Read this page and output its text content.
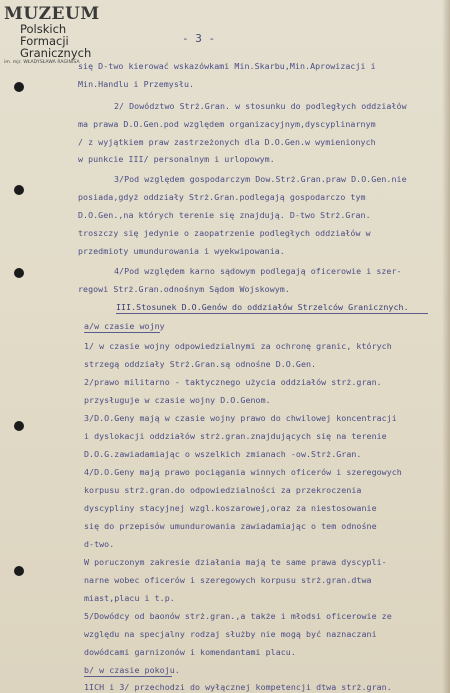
MUZEUM
Polskich
Formacji
Granicznych
im. mjr. WŁADYSŁAWA RAGINISA
- 3 -
się D-two kierować wskazówkami Min.Skarbu,Min.Aprowizacji i
Min.Handlu i Przemysłu.
2/ Dowództwo Strż.Gran. w stosunku do podległych oddziałów
ma prawa D.O.Gen.pod względem organizacyjnym,dyscyplinarnym
/ z wyjątkiem praw zastrzeżonych dla D.O.Gen.w wymienionych
w punkcie III/ personalnym i urlopowym.
3/Pod względem gospodarczym Dow.Strż.Gran.praw D.O.Gen.nie
posiada,gdyż oddziały Strż.Gran.podlegają gospodarczo tym
D.O.Gen.,na których terenie się znajdują. D-two Strż.Gran.
troszczy się jedynie o zaopatrzenie podległych oddziałów w
przedmioty umundurowania i wyekwipowania.
4/Pod względem karno sądowym podlegają oficerowie i szer-
regowi Strż.Gran.odnośnym Sądom Wojskowym.
III.Stosunek D.O.Genów do oddziałów Strzelców Granicznych.
a/w czasie wojny
1/ w czasie wojny odpowiedzialnymi za ochronę granic, których
strzegą oddziały Strż.Gran.są odnośne D.O.Gen.
2/prawo militarno - taktycznego użycia oddziałów strż.gran.
przysługuje w czasie wojny D.O.Genom.
3/D.O.Geny mają w czasie wojny prawo do chwilowej koncentracji
i dyslokacji oddziałów strż.gran.znajdujących się na terenie
D.O.G.zawiadamiając o wszelkich zmianach -ow.Strż.Gran.
4/D.O.Geny mają prawo pociągania winnych oficerów i szeregowych
korpusu strż.gran.do odpowiedzialności za przekroczenia
dyscypliny stacyjnej wzgl.koszarowej,oraz za niestosowanie
się do przepisów umundurowania zawiadamiając o tem odnośne
d-two.
W poruczonym zakresie działania mają te same prawa dyscypli-
narne wobec oficerów i szeregowych korpusu strż.gran.dtwa
miast,placu i t.p.
5/Dowódcy od baonów strż.gran.,a także i młodsi oficerowie ze
względu na specjalny rodzaj służby nie mogą być naznaczani
dowódcami garnizonów i komendantami placu.
b/ w czasie pokoju.
1ICH i 3/ przechodzi do wyłącznej kompetencji dtwa strż.gran.
